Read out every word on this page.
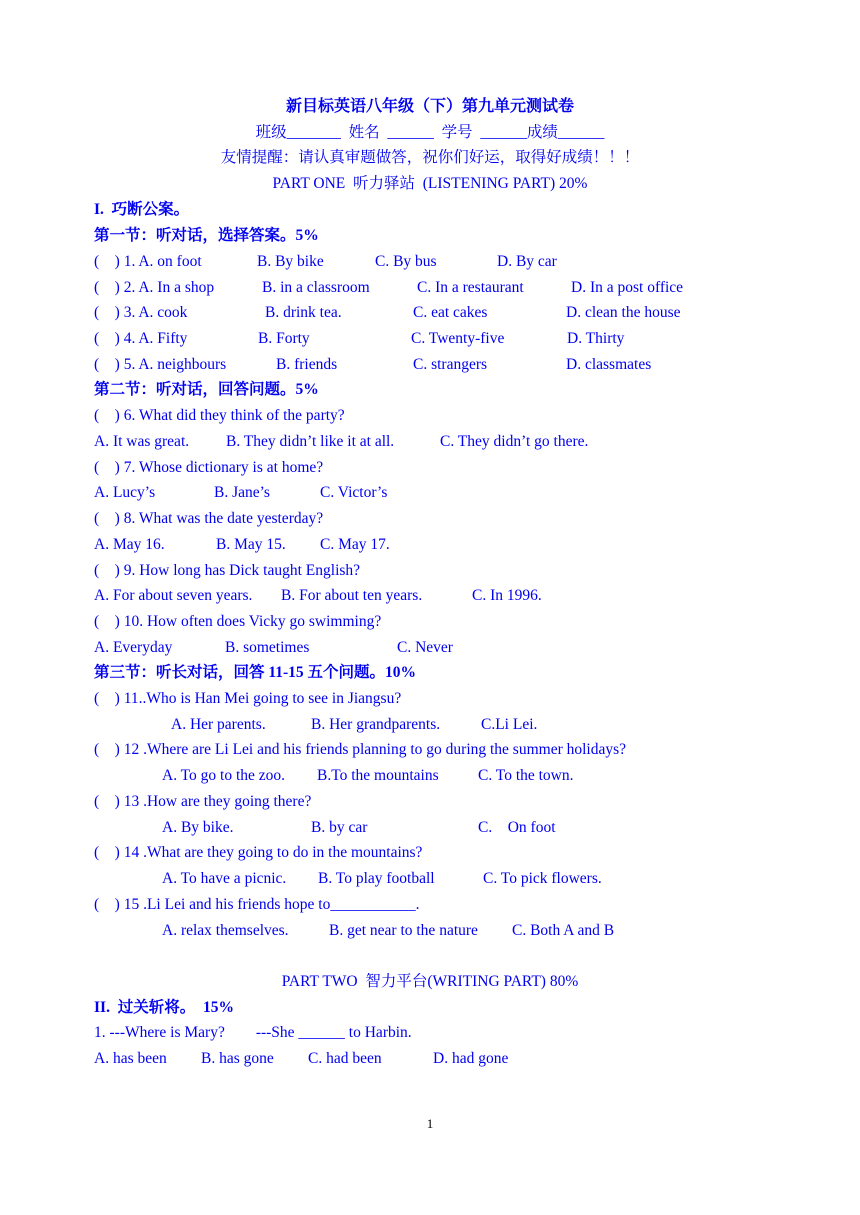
新目标英语八年级（下）第九单元测试卷
班级_______  姓名  ______  学号  ______成绩______
友情提醒：请认真审题做答，祝你们好运，取得好成绩！！！
PART ONE  听力驿站  (LISTENING PART) 20%
I.  巧断公案。
第一节：听对话，选择答案。5%
(    ) 1. A. on foot	B. By bike	C. By bus	D. By car
(    ) 2. A. In a shop	B. in a classroom	C. In a restaurant	D. In a post office
(    ) 3. A. cook	B. drink tea.	C. eat cakes	D. clean the house
(    ) 4. A. Fifty	B. Forty	C. Twenty-five	D. Thirty
(    ) 5. A. neighbours	B. friends	C. strangers	D. classmates
第二节：听对话，回答问题。5%
(    ) 6. What did they think of the party?
A. It was great. B. They didn’t like it at all.	C. They didn’t go there.
(    ) 7. Whose dictionary is at home?
A. Lucy’s	B. Jane’s	C. Victor’s
(    ) 8. What was the date yesterday?
A. May 16.	B. May 15. C. May 17.
(    ) 9. How long has Dick taught English?
A. For about seven years. B. For about ten years.	C. In 1996.
(    ) 10. How often does Vicky go swimming?
A. Everyday	B. sometimes	C. Never
第三节：听长对话，回答 11-15 五个问题。10%
(    ) 11..Who is Han Mei going to see in Jiangsu?
A. Her parents.	B. Her grandparents.	C.Li Lei.
(    ) 12 .Where are Li Lei and his friends planning to go during the summer holidays?
A. To go to the zoo. B.To the mountains	C. To the town.
(    ) 13 .How are they going there?
A. By bike.	B. by car	C.    On foot
(    ) 14 .What are they going to do in the mountains?
A. To have a picnic. B. To play football	C. To pick flowers.
(    ) 15 .Li Lei and his friends hope to___________.
A. relax themselves.	B. get near to the nature C. Both A and B
PART TWO  智力平台(WRITING PART) 80%
II.  过关斩将。  15%
1. ---Where is Mary?        ---She ______ to Harbin.
A. has been B. has gone C. had been	D. had gone
1
